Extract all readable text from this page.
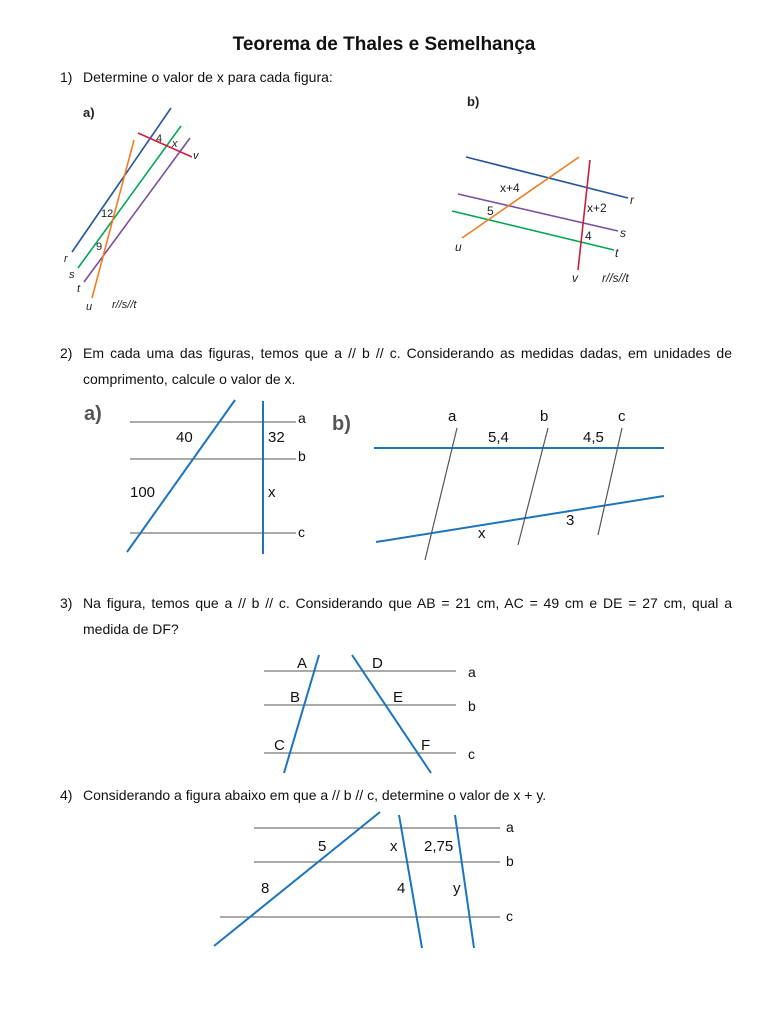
Teorema de Thales e Semelhança
1) Determine o valor de x para cada figura:
a)
4 x
12
9
r
s
t
u
v
r//s//t
b)
x+4
x+2
5
4
r
s
t
u
v r//s//t
2) Em cada uma das figuras, temos que a // b // c. Considerando as medidas dadas, em unidades de comprimento, calcule o valor de x.
a)
40	32
100	x
a
b
c
b)	a	b	c
5,4	4,5
3
x
3) Na figura, temos que a // b // c. Considerando que AB = 21 cm, AC = 49 cm e DE = 27 cm, qual a medida de DF?
A
B
C
D
E
F
a
b
c
4) Considerando a figura abaixo em que a // b // c, determine o valor de x + y.
5	x 2,75
8	4	y
a
b
c
